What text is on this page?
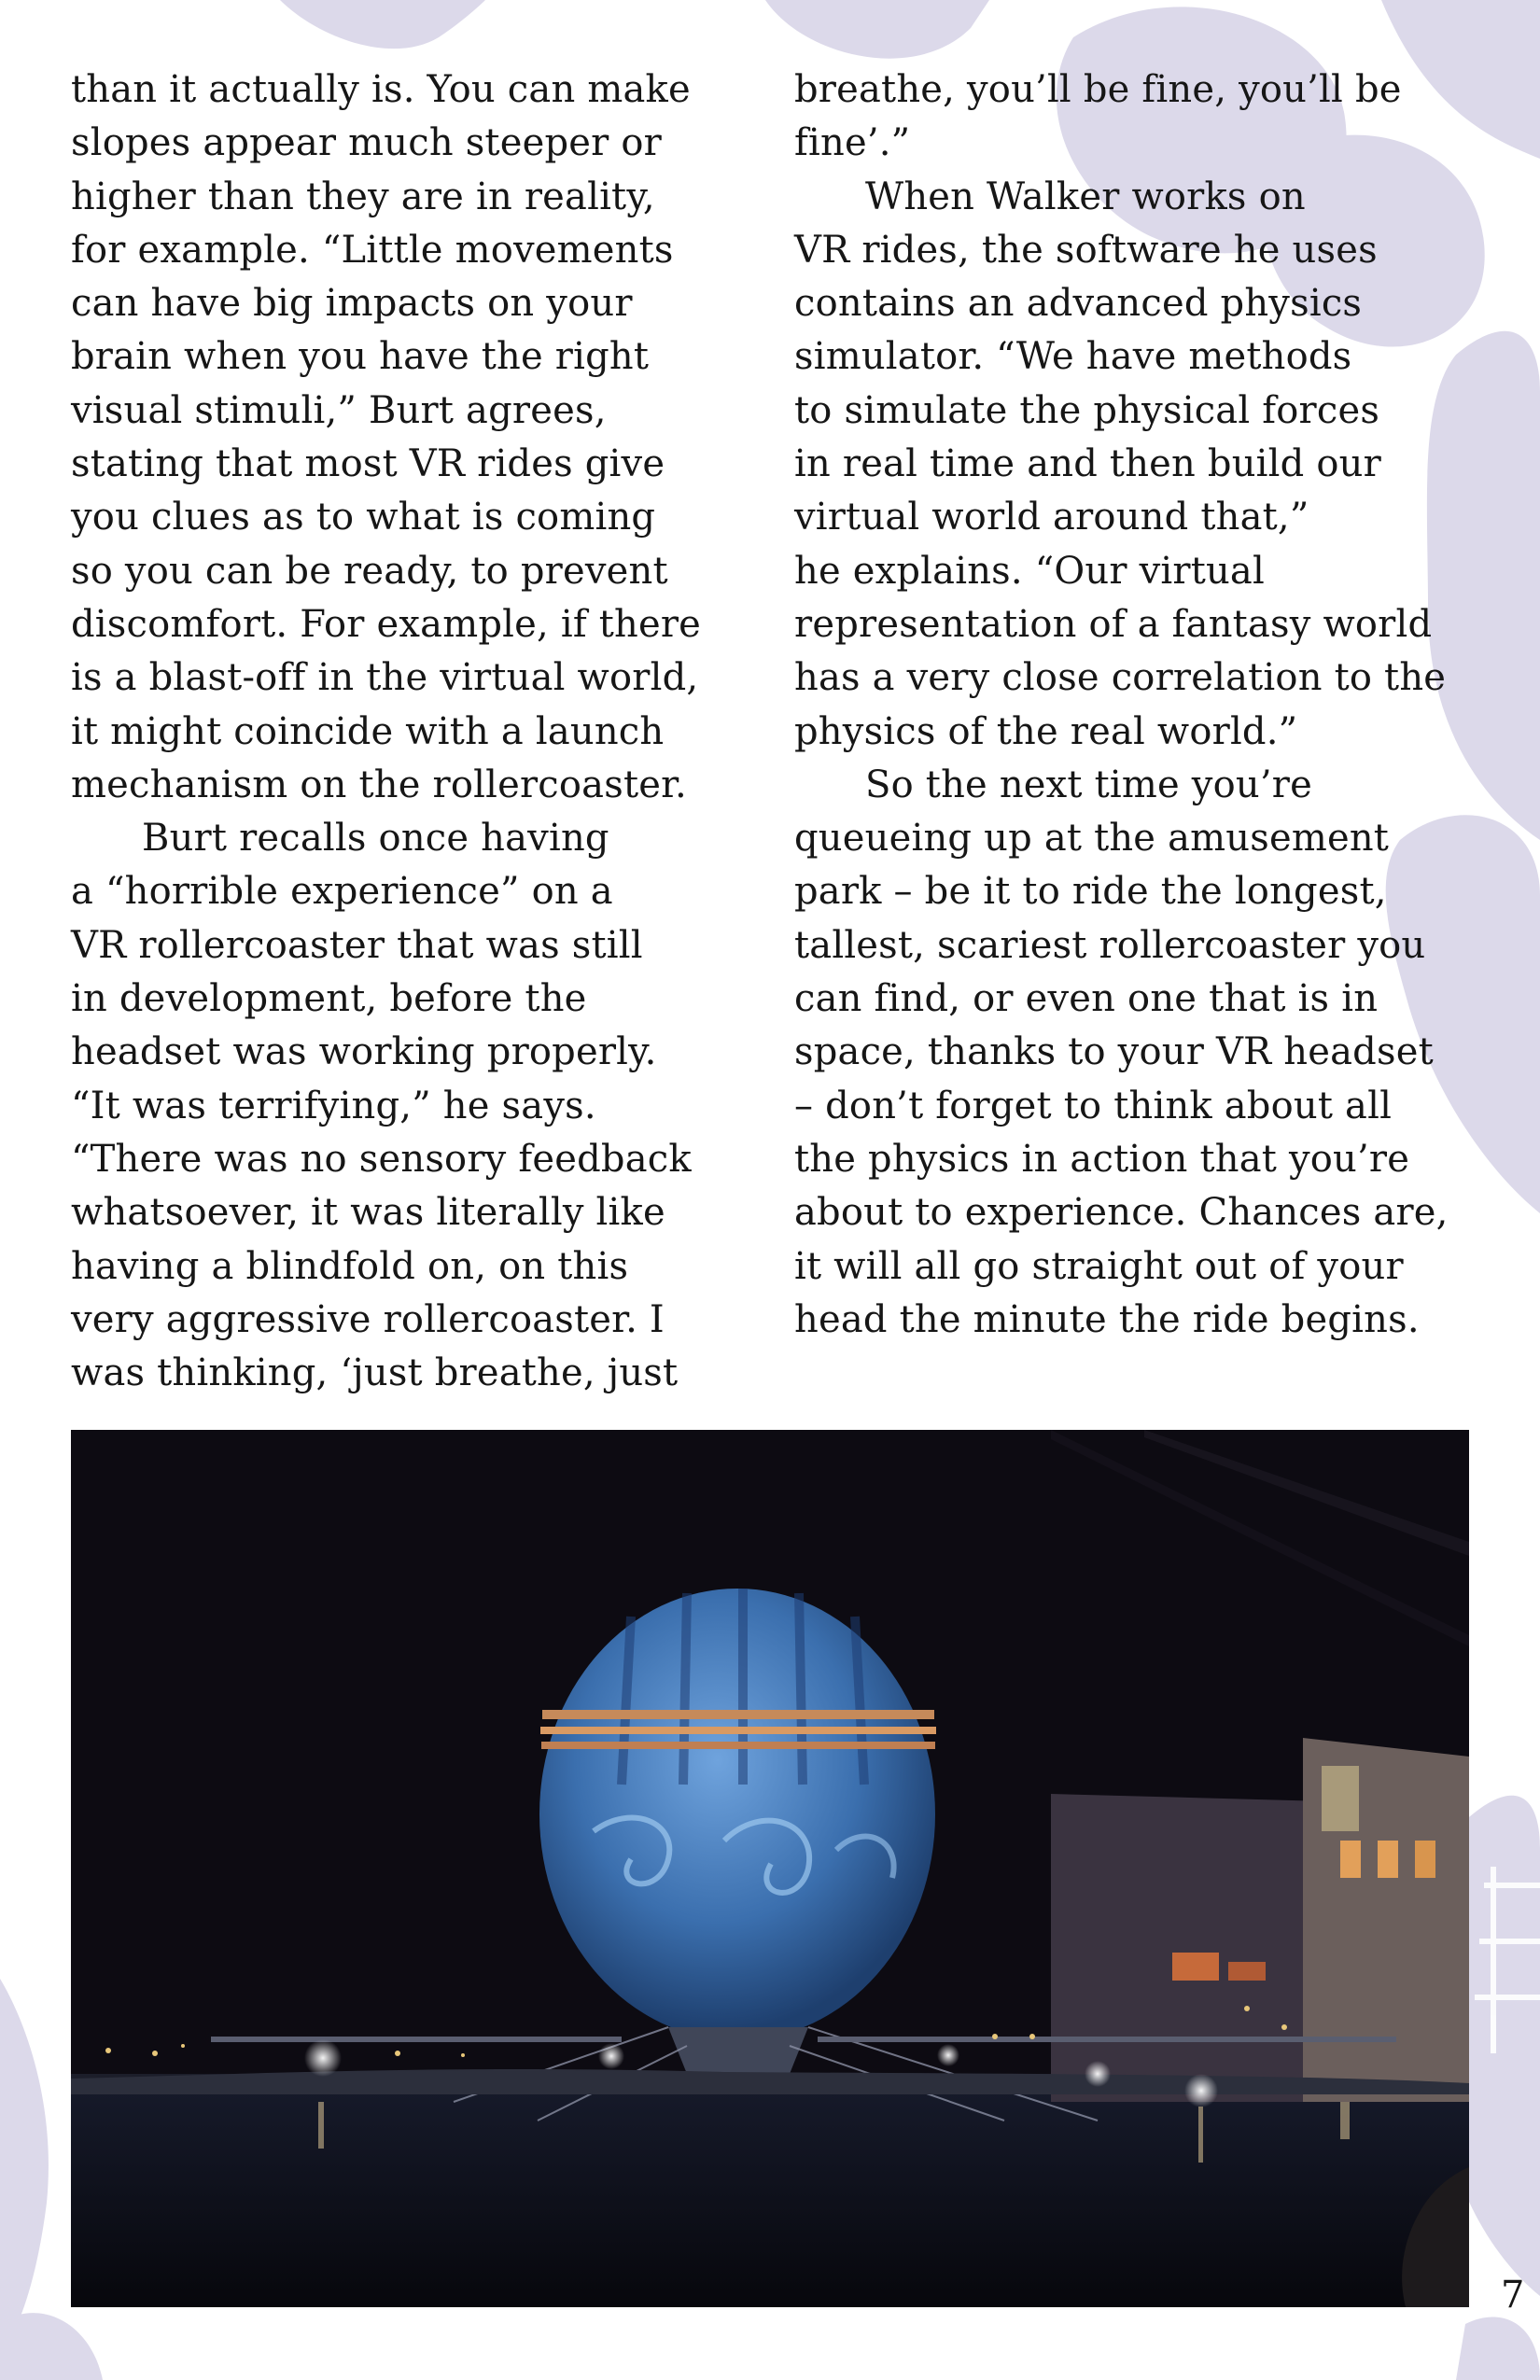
than it actually is. You can make
slopes appear much steeper or
higher than they are in reality,
for example. “Little movements
can have big impacts on your
brain when you have the right
visual stimuli,” Burt agrees,
stating that most VR rides give
you clues as to what is coming
so you can be ready, to prevent
discomfort. For example, if there
is a blast-off in the virtual world,
it might coincide with a launch
mechanism on the rollercoaster.
Burt recalls once having
a “horrible experience” on a
VR rollercoaster that was still
in development, before the
headset was working properly.
“It was terrifying,” he says.
“There was no sensory feedback
whatsoever, it was literally like
having a blindfold on, on this
very aggressive rollercoaster. I
was thinking, ‘just breathe, just
breathe, you’ll be fine, you’ll be
fine’.”
When Walker works on
VR rides, the software he uses
contains an advanced physics
simulator. “We have methods
to simulate the physical forces
in real time and then build our
virtual world around that,”
he explains. “Our virtual
representation of a fantasy world
has a very close correlation to the
physics of the real world.”
So the next time you’re
queueing up at the amusement
park – be it to ride the longest,
tallest, scariest rollercoaster you
can find, or even one that is in
space, thanks to your VR headset
– don’t forget to think about all
the physics in action that you’re
about to experience. Chances are,
it will all go straight out of your
head the minute the ride begins.
7
